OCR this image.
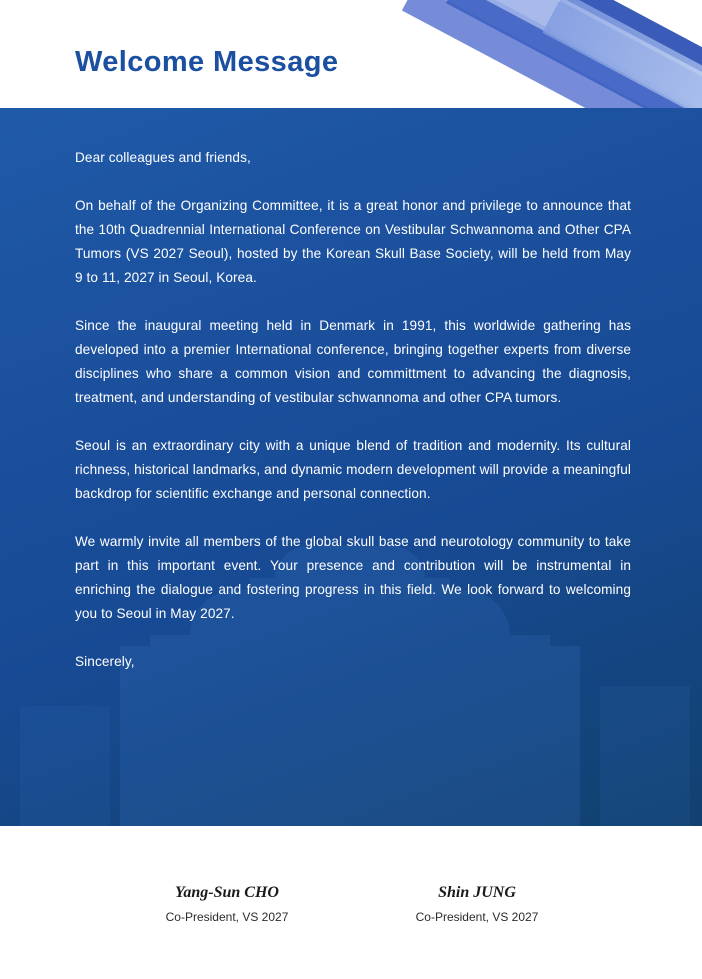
Welcome Message

Dear colleagues and friends,

On behalf of the Organizing Committee, it is a great honor and privilege to announce that the 10th Quadrennial International Conference on Vestibular Schwannoma and Other CPA Tumors (VS 2027 Seoul), hosted by the Korean Skull Base Society, will be held from May 9 to 11, 2027 in Seoul, Korea.

Since the inaugural meeting held in Denmark in 1991, this worldwide gathering has developed into a premier International conference, bringing together experts from diverse disciplines who share a common vision and committment to advancing the diagnosis, treatment, and understanding of vestibular schwannoma and other CPA tumors.

Seoul is an extraordinary city with a unique blend of tradition and modernity. Its cultural richness, historical landmarks, and dynamic modern development will provide a meaningful backdrop for scientific exchange and personal connection.

We warmly invite all members of the global skull base and neurotology community to take part in this important event. Your presence and contribution will be instrumental in enriching the dialogue and fostering progress in this field. We look forward to welcoming you to Seoul in May 2027.

Sincerely,

Yang-Sun CHO
Co-President, VS 2027
Shin JUNG
Co-President, VS 2027
